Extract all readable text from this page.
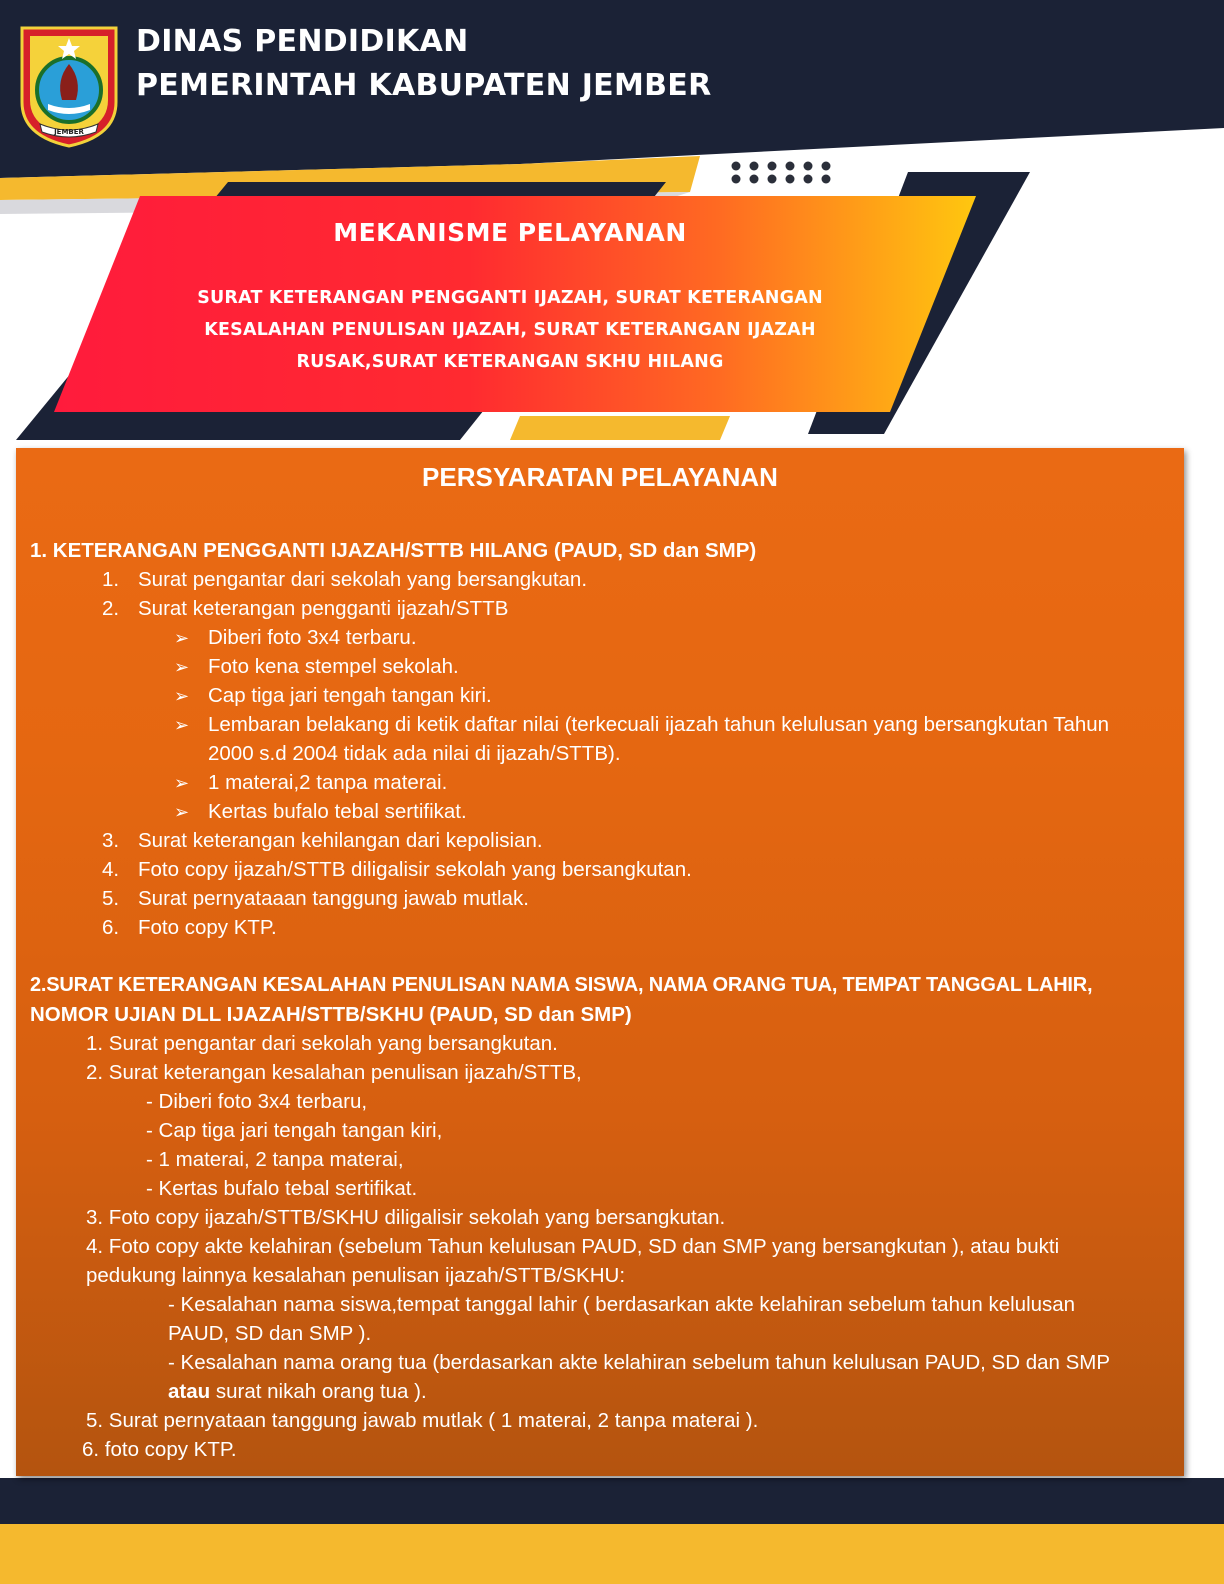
JEMBER
DINAS PENDIDIKAN
PEMERINTAH KABUPATEN JEMBER
MEKANISME PELAYANAN
SURAT KETERANGAN PENGGANTI IJAZAH, SURAT KETERANGAN
KESALAHAN PENULISAN IJAZAH, SURAT KETERANGAN IJAZAH
RUSAK,SURAT KETERANGAN SKHU HILANG
PERSYARATAN PELAYANAN
1. KETERANGAN PENGGANTI IJAZAH/STTB HILANG (PAUD, SD dan SMP)
1. Surat pengantar dari sekolah yang bersangkutan.
2. Surat keterangan pengganti ijazah/STTB
➢ Diberi foto 3x4 terbaru.
➢ Foto kena stempel sekolah.
➢ Cap tiga jari tengah tangan kiri.
➢ Lembaran belakang di ketik daftar nilai (terkecuali ijazah tahun kelulusan yang bersangkutan Tahun
2000 s.d 2004 tidak ada nilai di ijazah/STTB).
➢ 1 materai,2 tanpa materai.
➢ Kertas bufalo tebal sertifikat.
3. Surat keterangan kehilangan dari kepolisian.
4. Foto copy ijazah/STTB diligalisir sekolah yang bersangkutan.
5. Surat pernyataaan tanggung jawab mutlak.
6. Foto copy KTP.
2.SURAT KETERANGAN KESALAHAN PENULISAN NAMA SISWA, NAMA ORANG TUA, TEMPAT TANGGAL LAHIR,
NOMOR UJIAN DLL IJAZAH/STTB/SKHU (PAUD, SD dan SMP)
1. Surat pengantar dari sekolah yang bersangkutan.
2. Surat keterangan kesalahan penulisan ijazah/STTB,
- Diberi foto 3x4 terbaru,
- Cap tiga jari tengah tangan kiri,
- 1 materai, 2 tanpa materai,
- Kertas bufalo tebal sertifikat.
3. Foto copy ijazah/STTB/SKHU diligalisir sekolah yang bersangkutan.
4. Foto copy akte kelahiran (sebelum Tahun kelulusan PAUD, SD dan SMP yang bersangkutan ), atau bukti
pedukung lainnya kesalahan penulisan ijazah/STTB/SKHU:
- Kesalahan nama siswa,tempat tanggal lahir ( berdasarkan akte kelahiran sebelum tahun kelulusan
PAUD, SD dan SMP ).
- Kesalahan nama orang tua (berdasarkan akte kelahiran sebelum tahun kelulusan PAUD, SD dan SMP
atau surat nikah orang tua ).
5. Surat pernyataan tanggung jawab mutlak ( 1 materai, 2 tanpa materai ).
6. foto copy KTP.
